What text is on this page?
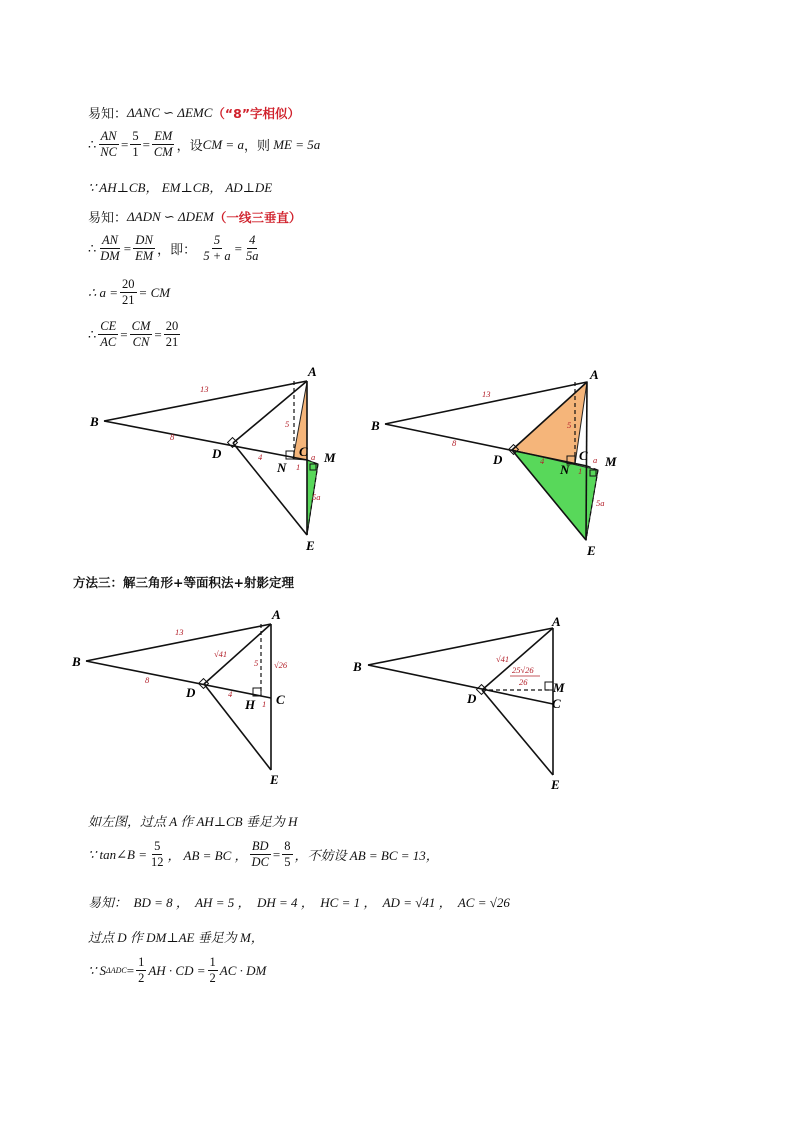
易知： ΔANC ∽ ΔEMC （“8”字相似）
∴ $\frac{AN}{NC} = \frac{5}{1} = \frac{EM}{CM}$ ，设 CM = a ，则
ME = 5a
∵ AH⊥CB， EM⊥CB， AD⊥DE
易知： ΔADN ∽ ΔDEM （一线三垂直）
∴ $\frac{AN}{DM} = \frac{DN}{EM}$ ，即：
$\frac{5}{5 + a} = \frac{4}{5a}$
∴ $a = \frac{20}{21}$ = CM
∴ $\frac{CE}{AC} = \frac{CM}{CN} = \frac{20}{21}$
A
B
D
N
C M
E
13
8
4
5
1
a
5a
A
B
D
N
C M
E
13
8
4
5
1
a
5a
A
B
D
H C
E
13
8
4
5
1
√41
√26
A
B
D
M
C
E
√41
25√26
26
方法三：解三角形+等面积法+射影定理
如左图，过点 A 作 AH⊥CB 垂足为 H
∵ tan∠B = $\frac{5}{12}$ ， AB = BC ， $\frac{BD}{DC} = \frac{8}{5}$ ，不妨设 AB = BC = 13，
易知：  BD = 8 ，  AH = 5 ，  DH = 4 ，  HC = 1 ，  AD = √41 ，  AC = √26
过点 D 作 DM⊥AE 垂足为 M，
∵ S $\Delta ADC = \frac{1}{2}$ AH · CD = $\frac{1}{2}$ AC · DM
